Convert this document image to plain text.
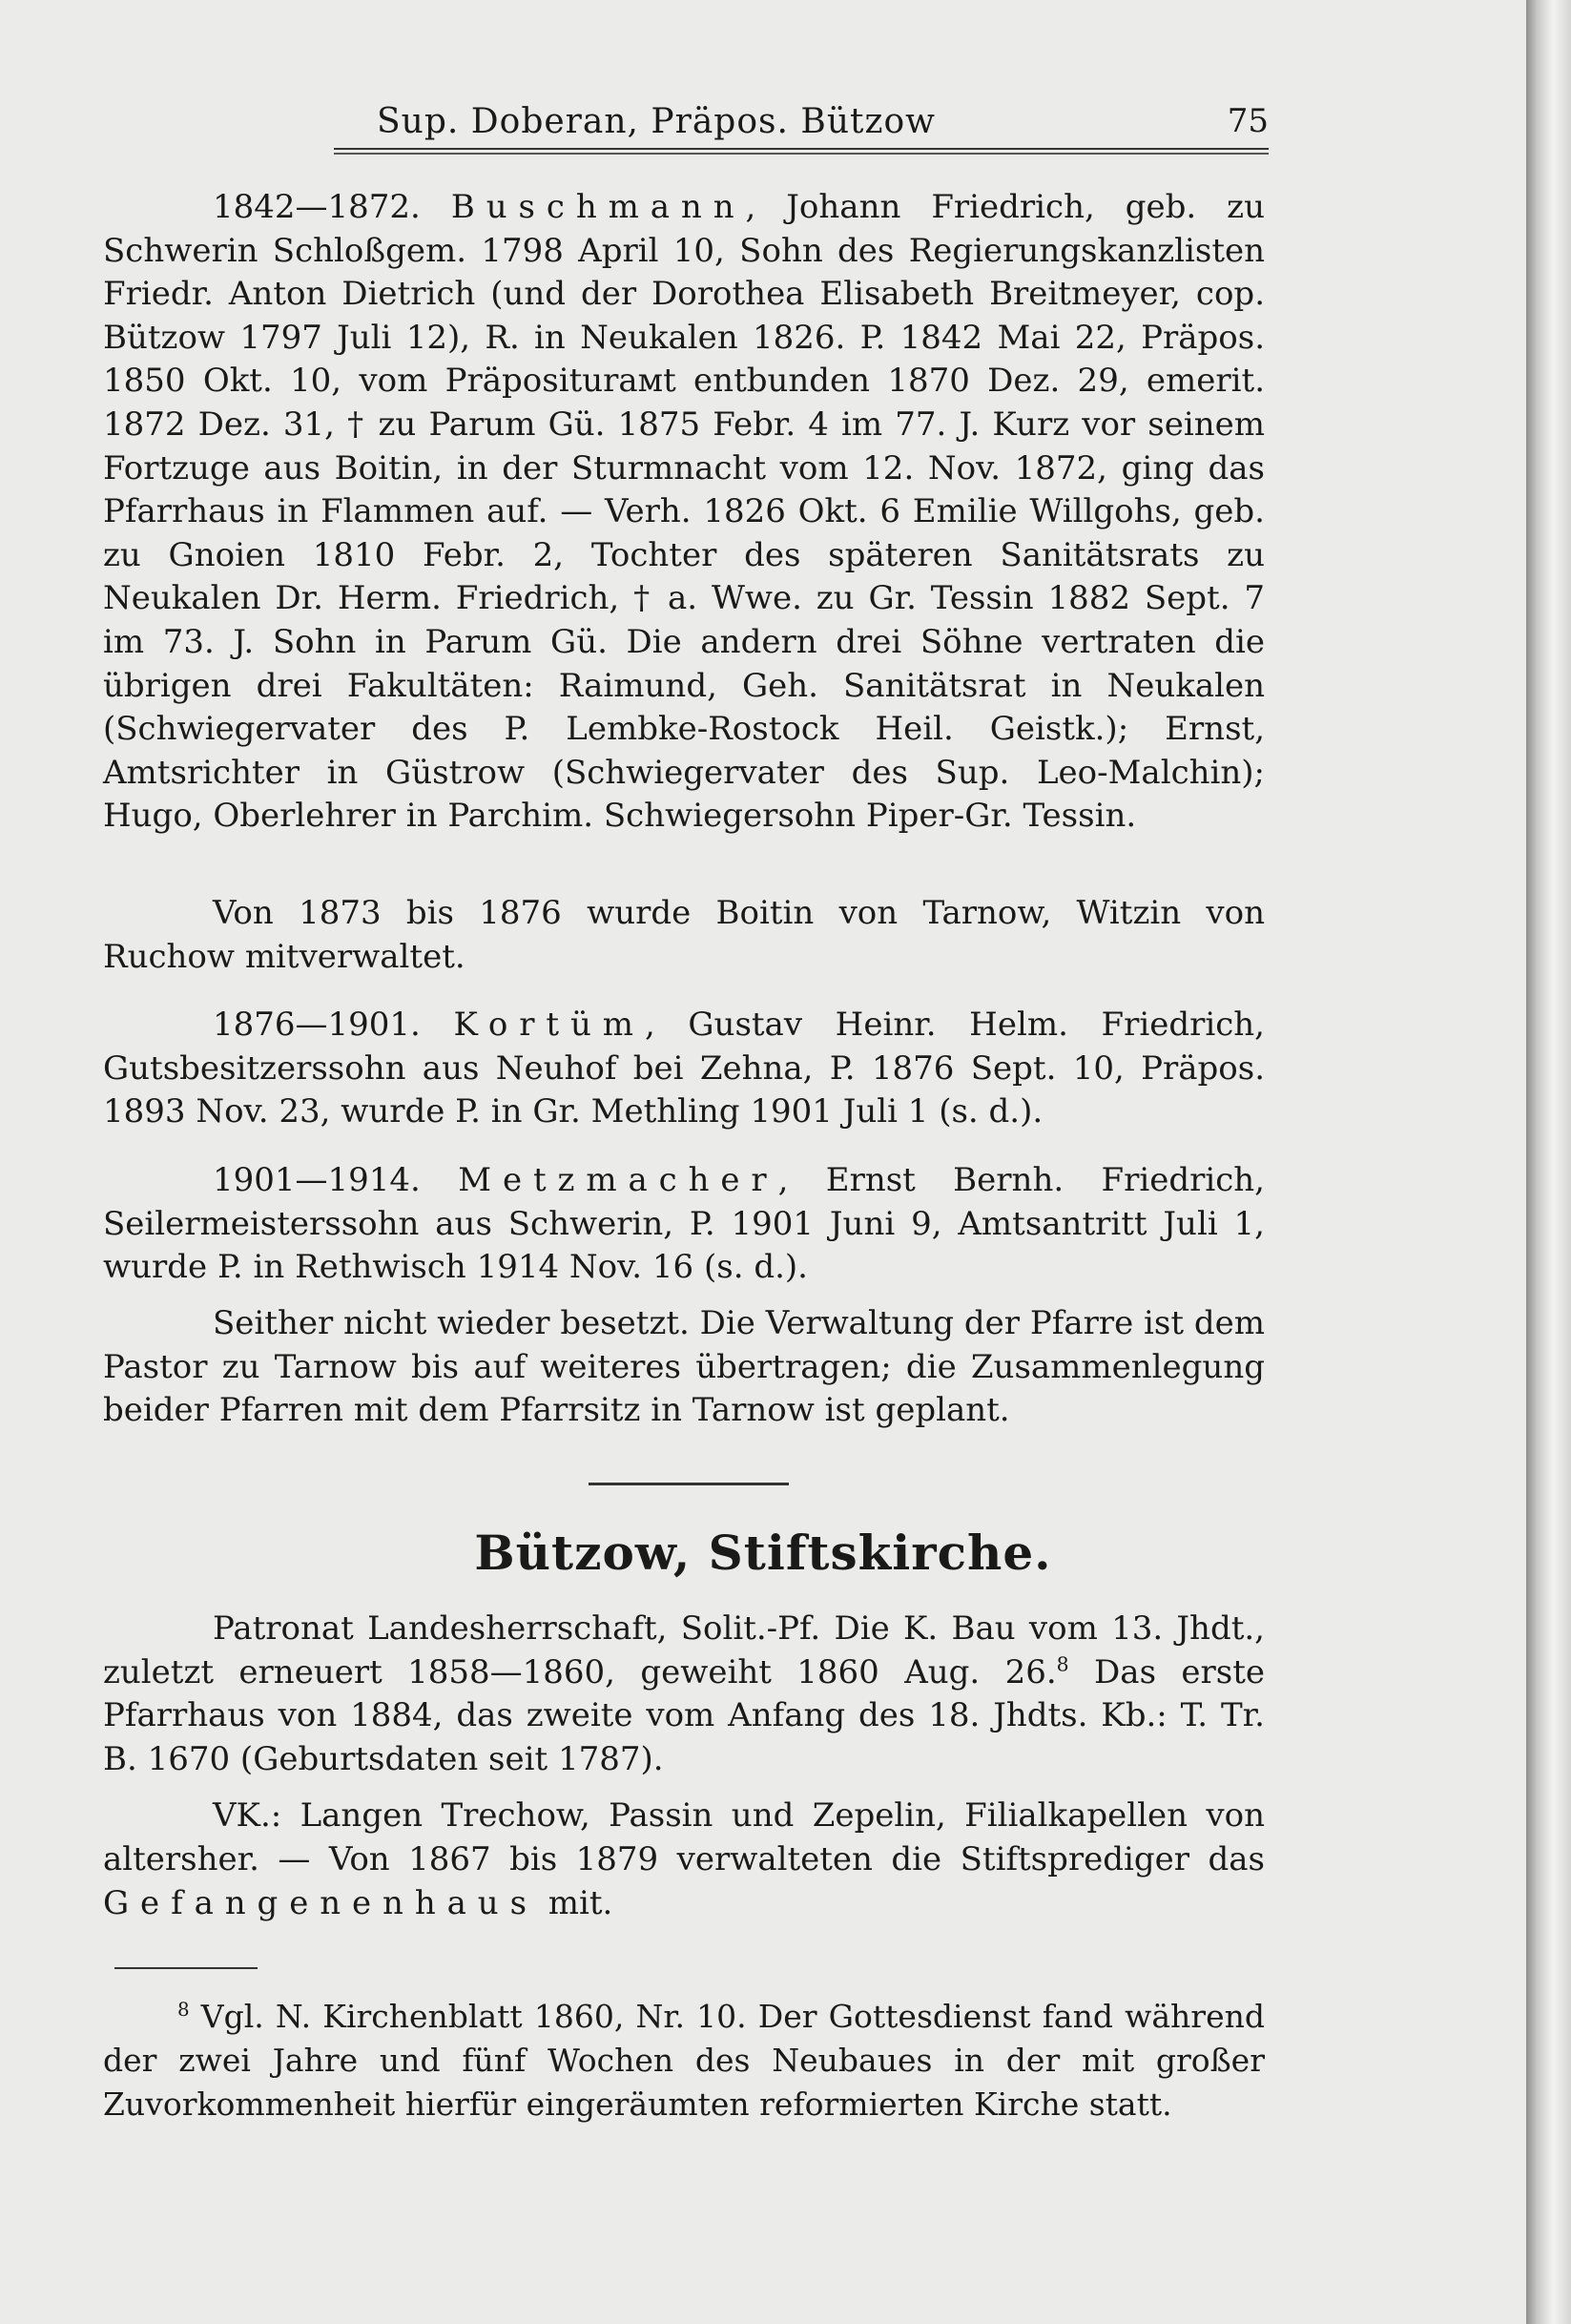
Sup. Doberan, Präpos. Bützow	75

1842—1872. Buschmann, Johann Friedrich, geb. zu Schwerin Schloßgem. 1798 April 10, Sohn des Regierungskanzlisten Friedr. Anton Dietrich (und der Dorothea Elisabeth Breitmeyer, cop. Bützow 1797 Juli 12), R. in Neukalen 1826. P. 1842 Mai 22, Präpos. 1850 Okt. 10, vom Präpositurамt entbunden 1870 Dez. 29, emerit. 1872 Dez. 31, † zu Parum Gü. 1875 Febr. 4 im 77. J. Kurz vor seinem Fortzuge aus Boitin, in der Sturmnacht vom 12. Nov. 1872, ging das Pfarrhaus in Flammen auf. — Verh. 1826 Okt. 6 Emilie Willgohs, geb. zu Gnoien 1810 Febr. 2, Tochter des späteren Sanitätsrats zu Neukalen Dr. Herm. Friedrich, † a. Wwe. zu Gr. Tessin 1882 Sept. 7 im 73. J. Sohn in Parum Gü. Die andern drei Söhne vertraten die übrigen drei Fakultäten: Raimund, Geh. Sanitätsrat in Neukalen (Schwiegervater des P. Lembke-Rostock Heil. Geistk.); Ernst, Amtsrichter in Güstrow (Schwiegervater des Sup. Leo-Malchin); Hugo, Oberlehrer in Parchim. Schwiegersohn Piper-Gr. Tessin.

Von 1873 bis 1876 wurde Boitin von Tarnow, Witzin von Ruchow mitverwaltet.

1876—1901. Kortüm, Gustav Heinr. Helm. Friedrich, Gutsbesitzerssohn aus Neuhof bei Zehna, P. 1876 Sept. 10, Präpos. 1893 Nov. 23, wurde P. in Gr. Methling 1901 Juli 1 (s. d.).

1901—1914. Metzmacher, Ernst Bernh. Friedrich, Seilermeisterssohn aus Schwerin, P. 1901 Juni 9, Amtsantritt Juli 1, wurde P. in Rethwisch 1914 Nov. 16 (s. d.).

Seither nicht wieder besetzt. Die Verwaltung der Pfarre ist dem Pastor zu Tarnow bis auf weiteres übertragen; die Zusammenlegung beider Pfarren mit dem Pfarrsitz in Tarnow ist geplant.

Bützow, Stiftskirche.

Patronat Landesherrschaft, Solit.-Pf. Die K. Bau vom 13. Jhdt., zuletzt erneuert 1858—1860, geweiht 1860 Aug. 26.$^8$ Das erste Pfarrhaus von 1884, das zweite vom Anfang des 18. Jhdts. Kb.: T. Tr. B. 1670 (Geburtsdaten seit 1787).

VK.: Langen Trechow, Passin und Zepelin, Filialkapellen von altersher. — Von 1867 bis 1879 verwalteten die Stiftsprediger das Gefangenenhaus mit.

$^8$ Vgl. N. Kirchenblatt 1860, Nr. 10. Der Gottesdienst fand während der zwei Jahre und fünf Wochen des Neubaues in der mit großer Zuvorkommenheit hierfür eingeräumten reformierten Kirche statt.
